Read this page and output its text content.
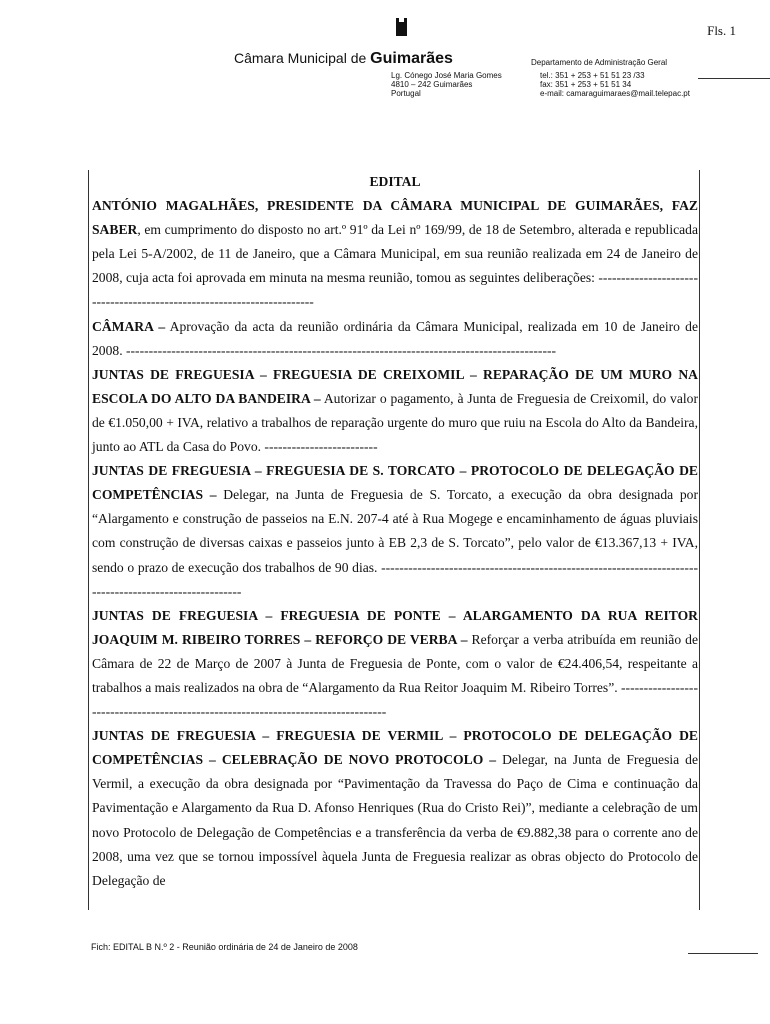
Fls. 1
Câmara Municipal de Guimarães
Lg. Cónego José Maria Gomes
4810 – 242 Guimarães
Portugal
Departamento de Administração Geral
tel.: 351 + 253 + 51 51 23 /33
fax: 351 + 253 + 51 51 34
e-mail: camaraguimaraes@mail.telepac.pt
EDITAL

ANTÓNIO MAGALHÃES, PRESIDENTE DA CÂMARA MUNICIPAL DE GUIMARÃES, FAZ SABER, em cumprimento do disposto no art.º 91º da Lei nº 169/99, de 18 de Setembro, alterada e republicada pela Lei 5-A/2002, de 11 de Janeiro, que a Câmara Municipal, em sua reunião realizada em 24 de Janeiro de 2008, cuja acta foi aprovada em minuta na mesma reunião, tomou as seguintes deliberações: -----------------------------------------------------------------------

CÂMARA – Aprovação da acta da reunião ordinária da Câmara Municipal, realizada em 10 de Janeiro de 2008. -----------------------------------------------------------------------------------------------

JUNTAS DE FREGUESIA – FREGUESIA DE CREIXOMIL – REPARAÇÃO DE UM MURO NA ESCOLA DO ALTO DA BANDEIRA – Autorizar o pagamento, à Junta de Freguesia de Creixomil, do valor de €1.050,00 + IVA, relativo a trabalhos de reparação urgente do muro que ruiu na Escola do Alto da Bandeira, junto ao ATL da Casa do Povo. -------------------------

JUNTAS DE FREGUESIA – FREGUESIA DE S. TORCATO – PROTOCOLO DE DELEGAÇÃO DE COMPETÊNCIAS – Delegar, na Junta de Freguesia de S. Torcato, a execução da obra designada por “Alargamento e construção de passeios na E.N. 207-4 até à Rua Mogege e encaminhamento de águas pluviais com construção de diversas caixas e passeios junto à EB 2,3 de S. Torcato”, pelo valor de €13.367,13 + IVA, sendo o prazo de execução dos trabalhos de 90 dias. -------------------------------------------------------------------------------------------------------

JUNTAS DE FREGUESIA – FREGUESIA DE PONTE – ALARGAMENTO DA RUA REITOR JOAQUIM M. RIBEIRO TORRES – REFORÇO DE VERBA – Reforçar a verba atribuída em reunião de Câmara de 22 de Março de 2007 à Junta de Freguesia de Ponte, com o valor de €24.406,54, respeitante a trabalhos a mais realizados na obra de “Alargamento da Rua Reitor Joaquim M. Ribeiro Torres”. ----------------------------------------------------------------------------------

JUNTAS DE FREGUESIA – FREGUESIA DE VERMIL – PROTOCOLO DE DELEGAÇÃO DE COMPETÊNCIAS – CELEBRAÇÃO DE NOVO PROTOCOLO – Delegar, na Junta de Freguesia de Vermil, a execução da obra designada por “Pavimentação da Travessa do Paço de Cima e continuação da Pavimentação e Alargamento da Rua D. Afonso Henriques (Rua do Cristo Rei)”, mediante a celebração de um novo Protocolo de Delegação de Competências e a transferência da verba de €9.882,38 para o corrente ano de 2008, uma vez que se tornou impossível àquela Junta de Freguesia realizar as obras objecto do Protocolo de Delegação de

Fich: EDITAL B N.º 2 - Reunião ordinária de 24 de Janeiro de 2008
